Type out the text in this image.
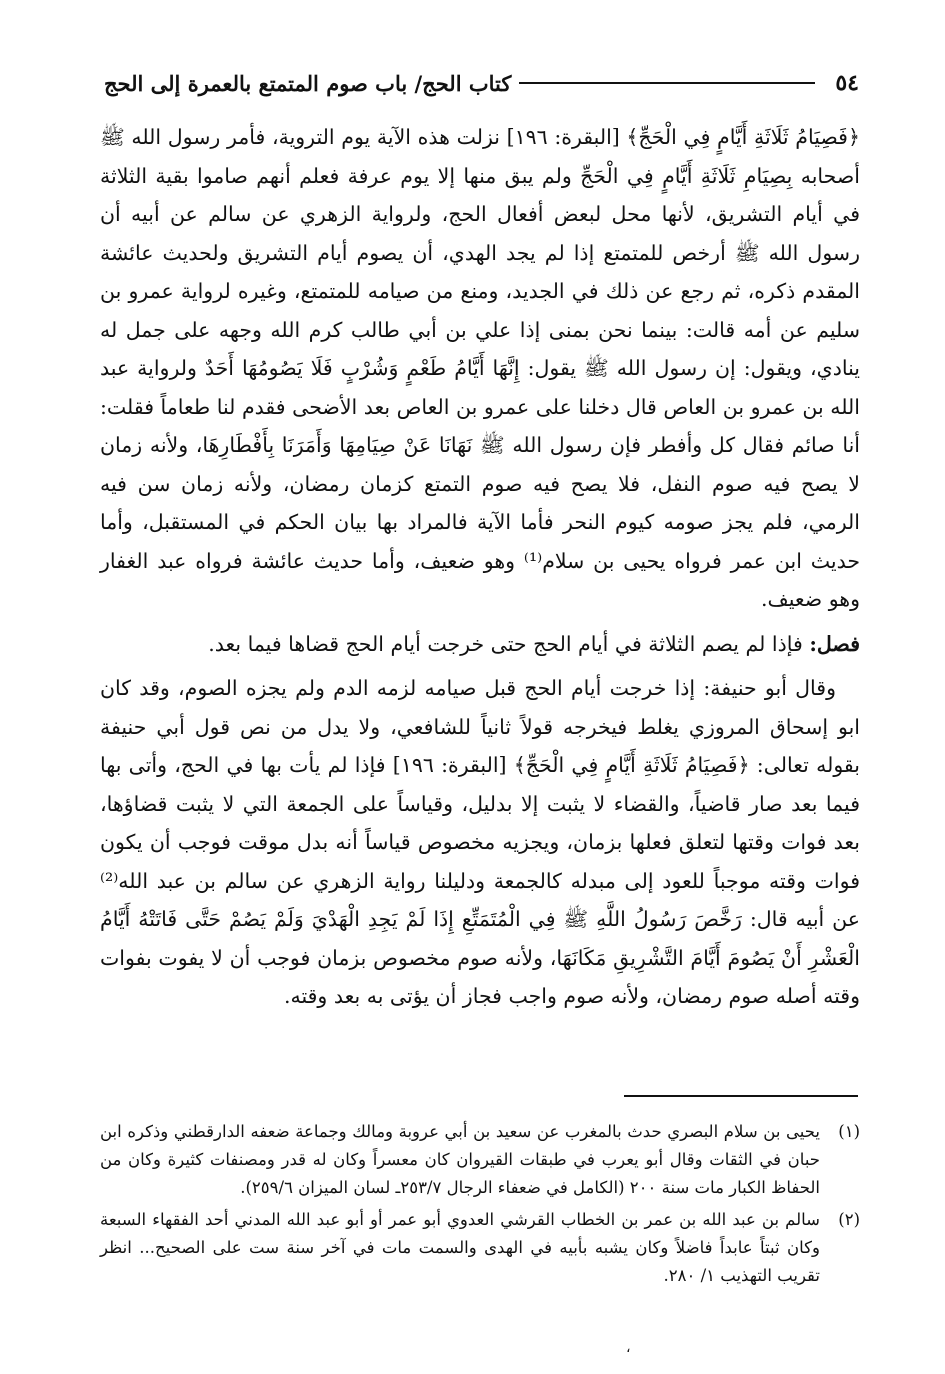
٥٤
كتاب الحج/ باب صوم المتمتع بالعمرة إلى الحج

﴿فَصِيَامُ ثَلَاثَةِ أَيَّامٍ فِي الْحَجِّ﴾ [البقرة: ١٩٦] نزلت هذه الآية يوم التروية، فأمر رسول الله ﷺ أصحابه بِصِيَامِ ثَلَاثَةِ أَيَّامٍ فِي الْحَجِّ ولم يبق منها إلا يوم عرفة فعلم أنهم صاموا بقية الثلاثة في أيام التشريق، لأنها محل لبعض أفعال الحج، ولرواية الزهري عن سالم عن أبيه أن رسول الله ﷺ أرخص للمتمتع إذا لم يجد الهدي، أن يصوم أيام التشريق ولحديث عائشة المقدم ذكره، ثم رجع عن ذلك في الجديد، ومنع من صيامه للمتمتع، وغيره لرواية عمرو بن سليم عن أمه قالت: بينما نحن بمنى إذا علي بن أبي طالب كرم الله وجهه على جمل له ينادي، ويقول: إن رسول الله ﷺ يقول: إِنَّهَا أَيَّامُ طَعْمٍ وَشُرْبٍ فَلَا يَصُومُهَا أَحَدٌ ولرواية عبد الله بن عمرو بن العاص قال دخلنا على عمرو بن العاص بعد الأضحى فقدم لنا طعاماً فقلت: أنا صائم فقال كل وأفطر فإن رسول الله ﷺ نَهَانَا عَنْ صِيَامِهَا وَأَمَرَنَا بِأَفْطَارِهَا، ولأنه زمان لا يصح فيه صوم النفل، فلا يصح فيه صوم التمتع كزمان رمضان، ولأنه زمان سن فيه الرمي، فلم يجز صومه كيوم النحر فأما الآية فالمراد بها بيان الحكم في المستقبل، وأما حديث ابن عمر فرواه يحيى بن سلام⁽¹⁾ وهو ضعيف، وأما حديث عائشة فرواه عبد الغفار وهو ضعيف.

فصل: فإذا لم يصم الثلاثة في أيام الحج حتى خرجت أيام الحج قضاها فيما بعد.

وقال أبو حنيفة: إذا خرجت أيام الحج قبل صيامه لزمه الدم ولم يجزه الصوم، وقد كان ابو إسحاق المروزي يغلط فيخرجه قولاً ثانياً للشافعي، ولا يدل من نص قول أبي حنيفة بقوله تعالى: ﴿فَصِيَامُ ثَلَاثَةِ أَيَّامٍ فِي الْحَجِّ﴾ [البقرة: ١٩٦] فإذا لم يأت بها في الحج، وأتى بها فيما بعد صار قاضياً، والقضاء لا يثبت إلا بدليل، وقياساً على الجمعة التي لا يثبت قضاؤها، بعد فوات وقتها لتعلق فعلها بزمان، ويجزيه مخصوص قياساً أنه بدل موقت فوجب أن يكون فوات وقته موجباً للعود إلى مبدله كالجمعة ودليلنا رواية الزهري عن سالم بن عبد الله⁽²⁾ عن أبيه قال: رَخَّصَ رَسُولُ اللَّهِ ﷺ فِي الْمُتَمَتِّعِ إِذَا لَمْ يَجِدِ الْهَدْيَ وَلَمْ يَصُمْ حَتَّى فَاتَتْهُ أَيَّامُ الْعَشْرِ أَنْ يَصُومَ أَيَّامَ التَّشْرِيقِ مَكَانَهَا، ولأنه صوم مخصوص بزمان فوجب أن لا يفوت بفوات وقته أصله صوم رمضان، ولأنه صوم واجب فجاز أن يؤتى به بعد وقته.

(١)
يحيى بن سلام البصري حدث بالمغرب عن سعيد بن أبي عروبة ومالك وجماعة ضعفه الدارقطني وذكره ابن حبان في الثقات وقال أبو يعرب في طبقات القيروان كان معسراً وكان له قدر ومصنفات كثيرة وكان من الحفاظ الكبار مات سنة ٢٠٠ (الكامل في ضعفاء الرجال ٢٥٣/٧ـ لسان الميزان ٢٥٩/٦).
(٢)
سالم بن عبد الله بن عمر بن الخطاب القرشي العدوي أبو عمر أو أبو عبد الله المدني أحد الفقهاء السبعة وكان ثبتاً عابداً فاضلاً وكان يشبه بأبيه في الهدى والسمت مات في آخر سنة ست على الصحيح... انظر تقريب التهذيب ١/ ٢٨٠.
،
